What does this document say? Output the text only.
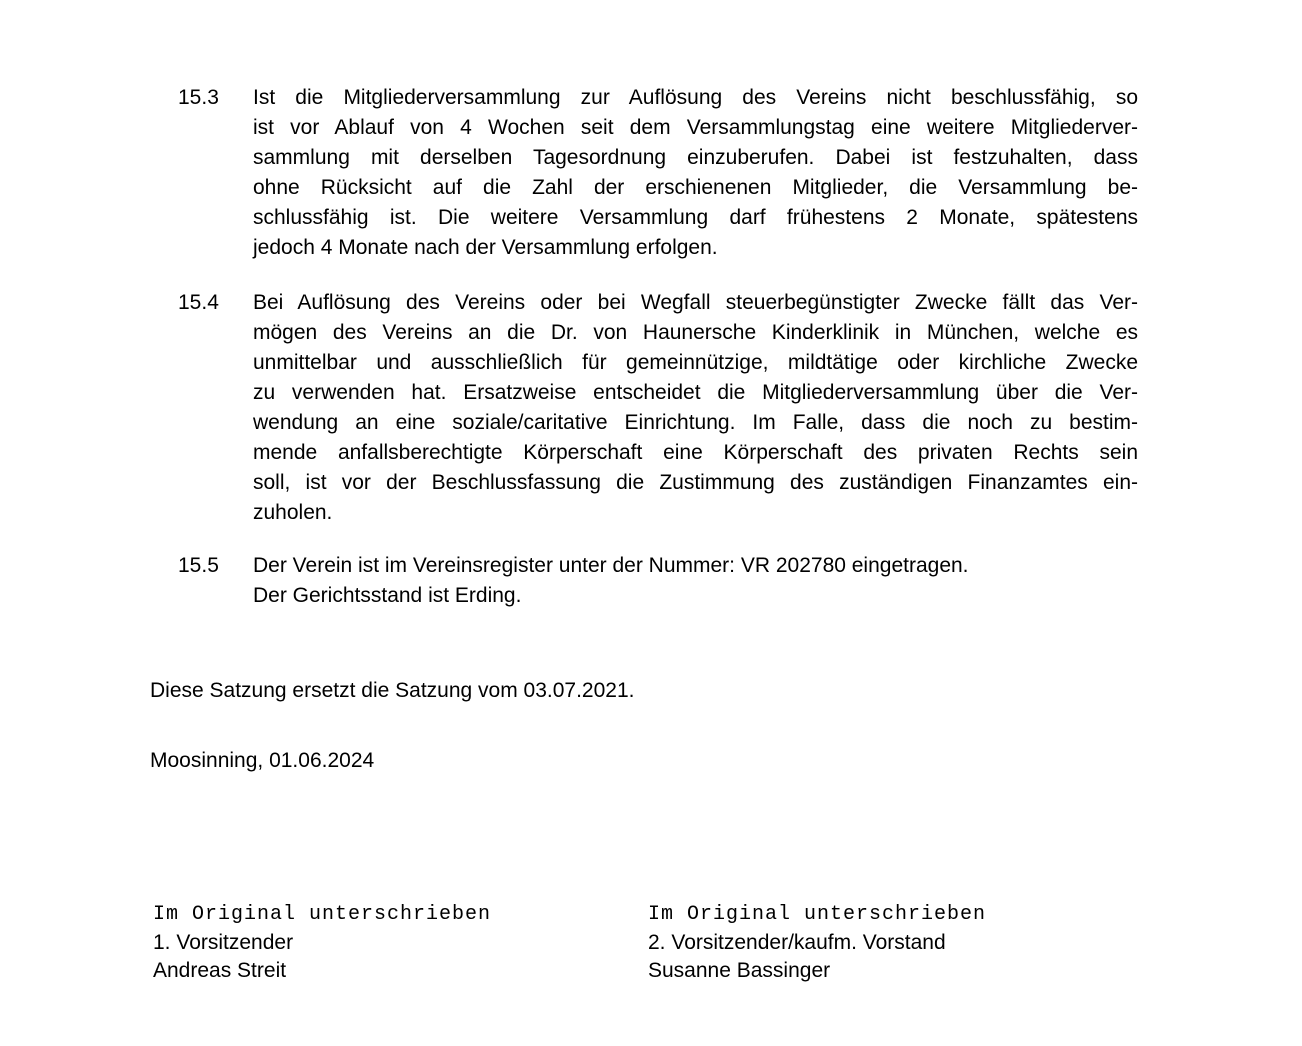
15.3	Ist die Mitgliederversammlung zur Auflösung des Vereins nicht beschlussfähig, so
ist vor Ablauf von 4 Wochen seit dem Versammlungstag eine weitere Mitgliederver-
sammlung mit derselben Tagesordnung einzuberufen. Dabei ist festzuhalten, dass
ohne Rücksicht auf die Zahl der erschienenen Mitglieder, die Versammlung be-
schlussfähig ist. Die weitere Versammlung darf frühestens 2 Monate, spätestens
jedoch 4 Monate nach der Versammlung erfolgen.
15.4	Bei Auflösung des Vereins oder bei Wegfall steuerbegünstigter Zwecke fällt das Ver-
mögen des Vereins an die Dr. von Haunersche Kinderklinik in München, welche es
unmittelbar und ausschließlich für gemeinnützige, mildtätige oder kirchliche Zwecke
zu verwenden hat. Ersatzweise entscheidet die Mitgliederversammlung über die Ver-
wendung an eine soziale/caritative Einrichtung. Im Falle, dass die noch zu bestim-
mende anfallsberechtigte Körperschaft eine Körperschaft des privaten Rechts sein
soll, ist vor der Beschlussfassung die Zustimmung des zuständigen Finanzamtes ein-
zuholen.
15.5	Der Verein ist im Vereinsregister unter der Nummer: VR 202780 eingetragen.
Der Gerichtsstand ist Erding.

Diese Satzung ersetzt die Satzung vom 03.07.2021.

Moosinning, 01.06.2024

Im Original unterschrieben
1. Vorsitzender
Andreas Streit
Im Original unterschrieben
2. Vorsitzender/kaufm. Vorstand
Susanne Bassinger
